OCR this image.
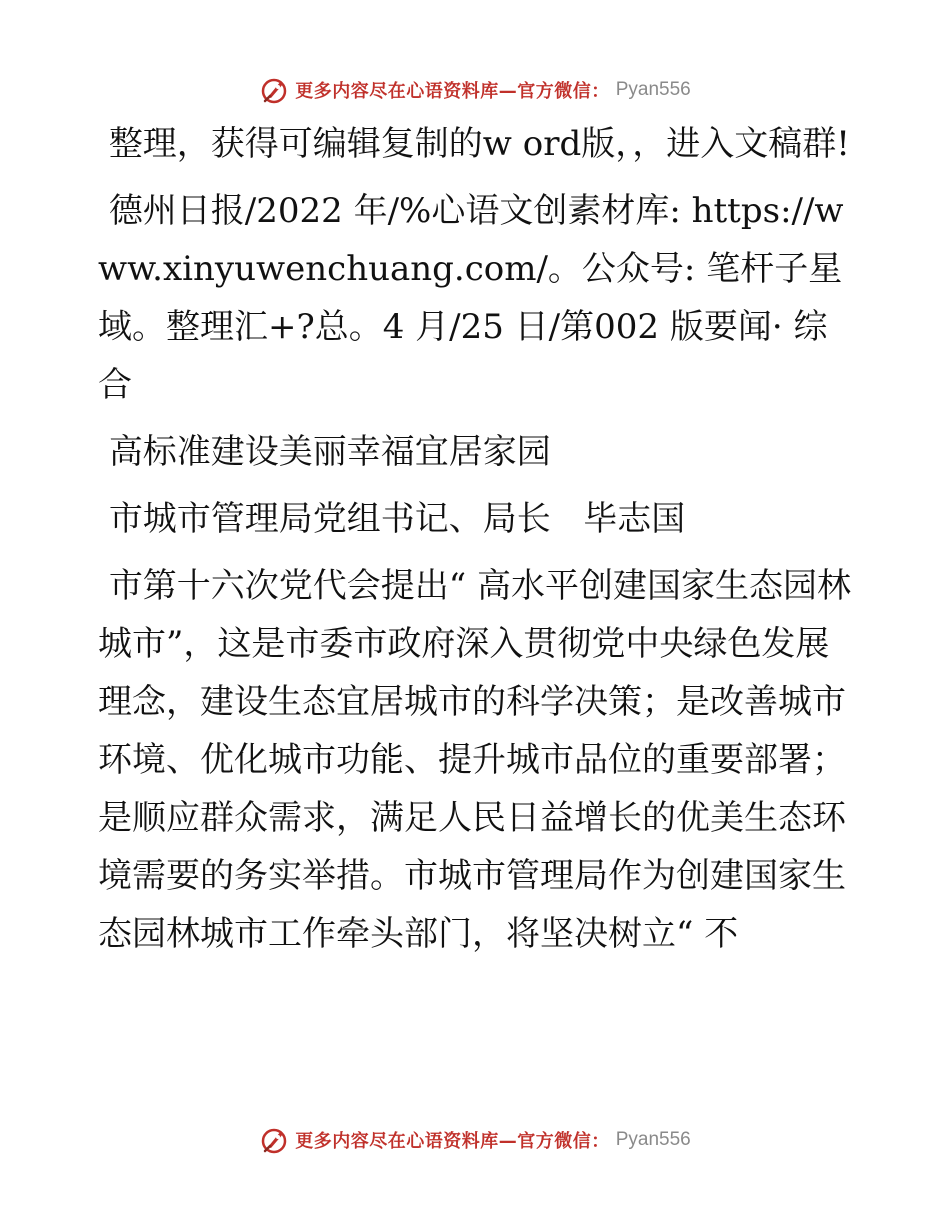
更多内容尽在心语资料库—官方微信： Pyan556

整理，获得可编辑复制的w ord版，，进入文稿群!

德州日报/2022 年/%心语文创素材库: https://www.xinyuwenchuang.com/。公众号: 笔杆子星域。整理汇+?总。4 月/25 日/第002 版要闻· 综合

高标准建设美丽幸福宜居家园

市城市管理局党组书记、局长   毕志国

市第十六次党代会提出“ 高水平创建国家生态园林城市”，这是市委市政府深入贯彻党中央绿色发展理念，建设生态宜居城市的科学决策；是改善城市环境、优化城市功能、提升城市品位的重要部署；是顺应群众需求，满足人民日益增长的优美生态环境需要的务实举措。市城市管理局作为创建国家生态园林城市工作牵头部门，将坚决树立“ 不

更多内容尽在心语资料库—官方微信： Pyan556
